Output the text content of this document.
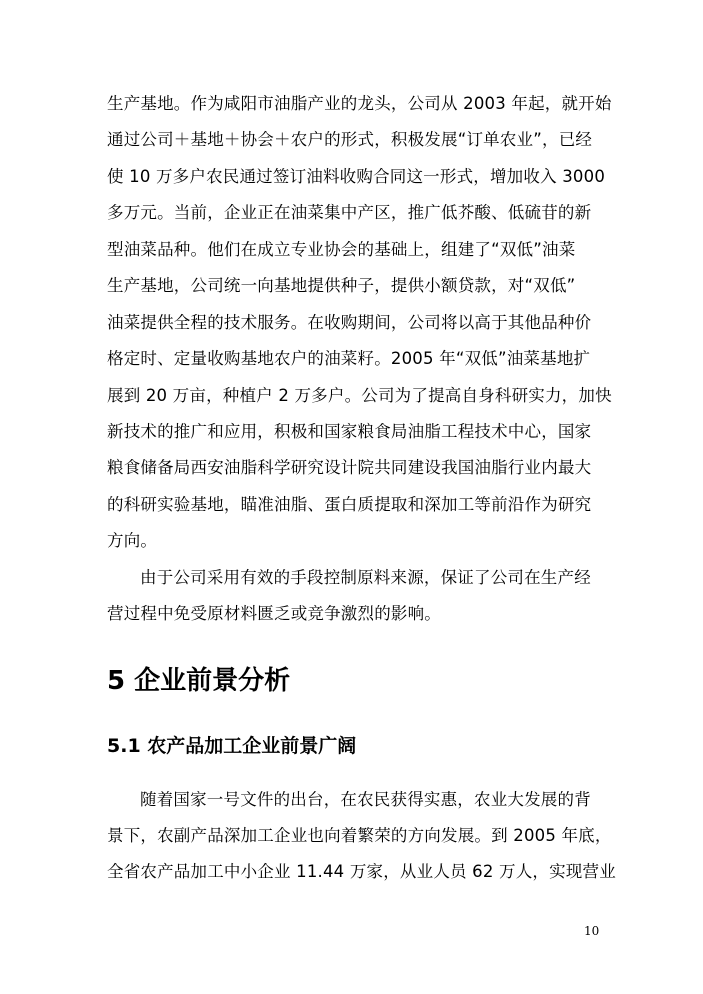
生产基地。作为咸阳市油脂产业的龙头，公司从 2003 年起，就开始
通过公司＋基地＋协会＋农户的形式，积极发展“订单农业”，已经
使 10 万多户农民通过签订油料收购合同这一形式，增加收入 3000
多万元。当前，企业正在油菜集中产区，推广低芥酸、低硫苷的新
型油菜品种。他们在成立专业协会的基础上，组建了“双低”油菜
生产基地，公司统一向基地提供种子，提供小额贷款，对“双低”
油菜提供全程的技术服务。在收购期间，公司将以高于其他品种价
格定时、定量收购基地农户的油菜籽。2005 年“双低”油菜基地扩
展到 20 万亩，种植户 2 万多户。公司为了提高自身科研实力，加快
新技术的推广和应用，积极和国家粮食局油脂工程技术中心，国家
粮食储备局西安油脂科学研究设计院共同建设我国油脂行业内最大
的科研实验基地，瞄准油脂、蛋白质提取和深加工等前沿作为研究
方向。
由于公司采用有效的手段控制原料来源，保证了公司在生产经
营过程中免受原材料匮乏或竞争激烈的影响。
5 企业前景分析
5.1 农产品加工企业前景广阔
随着国家一号文件的出台，在农民获得实惠，农业大发展的背
景下，农副产品深加工企业也向着繁荣的方向发展。到 2005 年底，
全省农产品加工中小企业 11.44 万家，从业人员 62 万人，实现营业
10
